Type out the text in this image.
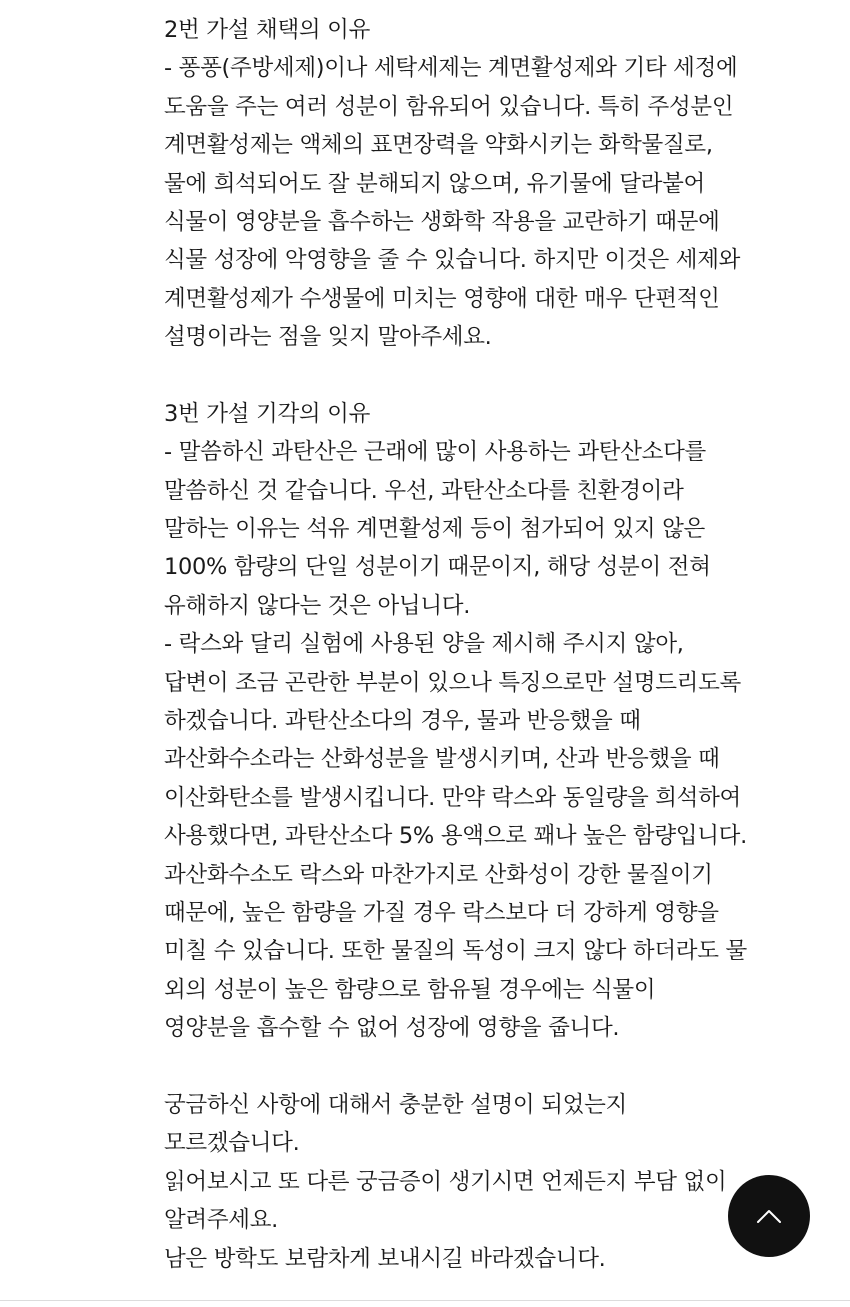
2번 가설 채택의 이유
- 퐁퐁(주방세제)이나 세탁세제는 계면활성제와 기타 세정에
도움을 주는 여러 성분이 함유되어 있습니다. 특히 주성분인
계면활성제는 액체의 표면장력을 약화시키는 화학물질로,
물에 희석되어도 잘 분해되지 않으며, 유기물에 달라붙어
식물이 영양분을 흡수하는 생화학 작용을 교란하기 때문에
식물 성장에 악영향을 줄 수 있습니다. 하지만 이것은 세제와
계면활성제가 수생물에 미치는 영향애 대한 매우 단편적인
설명이라는 점을 잊지 말아주세요.
3번 가설 기각의 이유
- 말씀하신 과탄산은 근래에 많이 사용하는 과탄산소다를
말씀하신 것 같습니다. 우선, 과탄산소다를 친환경이라
말하는 이유는 석유 계면활성제 등이 첨가되어 있지 않은
100% 함량의 단일 성분이기 때문이지, 해당 성분이 전혀
유해하지 않다는 것은 아닙니다.
- 락스와 달리 실험에 사용된 양을 제시해 주시지 않아,
답변이 조금 곤란한 부분이 있으나 특징으로만 설명드리도록
하겠습니다. 과탄산소다의 경우, 물과 반응했을 때
과산화수소라는 산화성분을 발생시키며, 산과 반응했을 때
이산화탄소를 발생시킵니다. 만약 락스와 동일량을 희석하여
사용했다면, 과탄산소다 5% 용액으로 꽤나 높은 함량입니다.
과산화수소도 락스와 마찬가지로 산화성이 강한 물질이기
때문에, 높은 함량을 가질 경우 락스보다 더 강하게 영향을
미칠 수 있습니다. 또한 물질의 독성이 크지 않다 하더라도 물
외의 성분이 높은 함량으로 함유될 경우에는 식물이
영양분을 흡수할 수 없어 성장에 영향을 줍니다.
궁금하신 사항에 대해서 충분한 설명이 되었는지
모르겠습니다.
읽어보시고 또 다른 궁금증이 생기시면 언제든지 부담 없이
알려주세요.
남은 방학도 보람차게 보내시길 바라겠습니다.
